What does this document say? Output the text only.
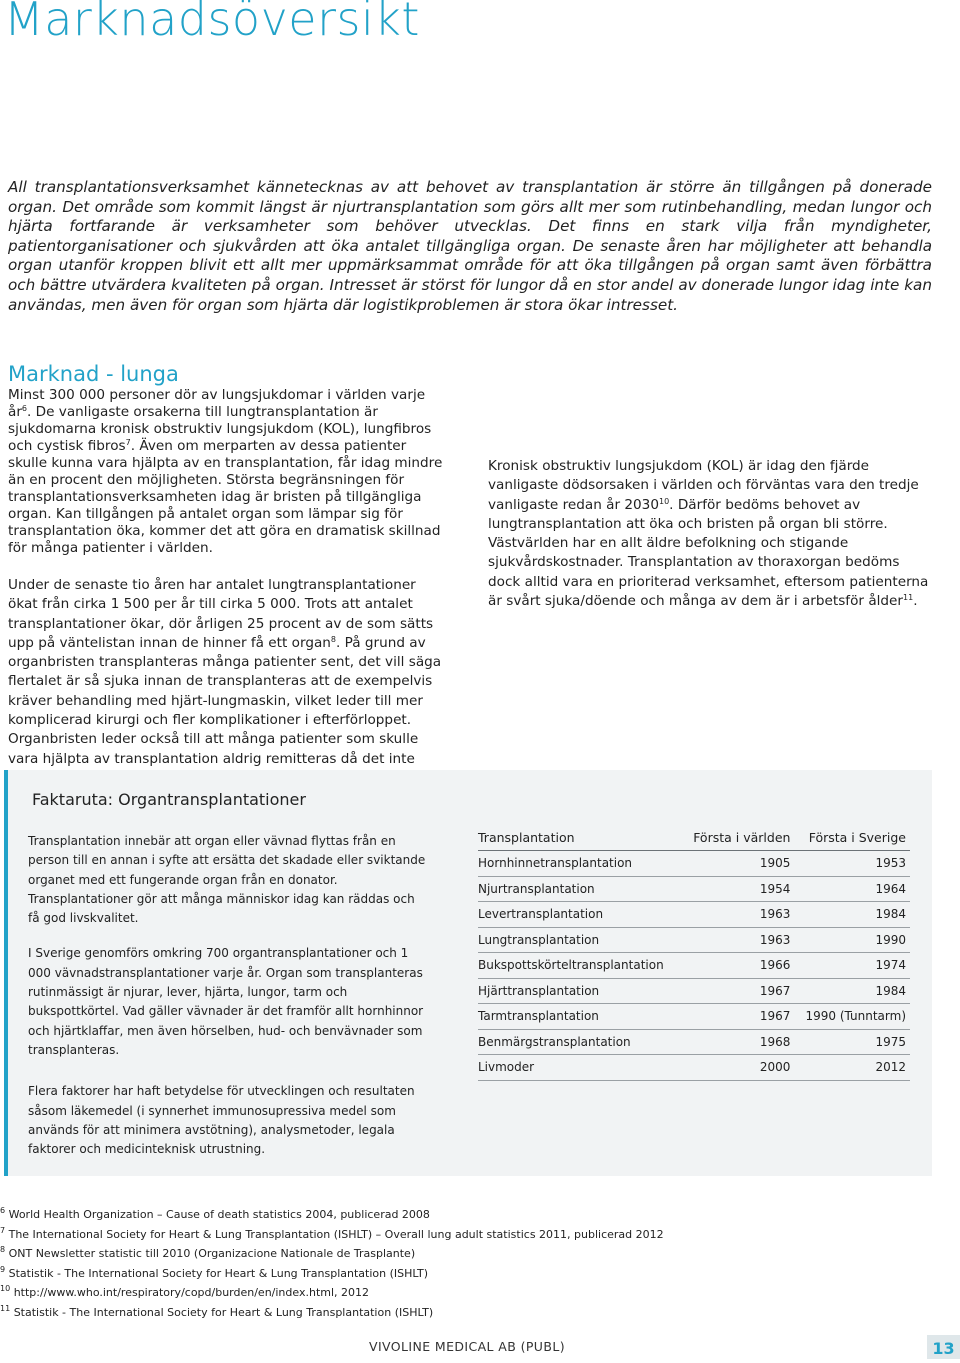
Marknadsöversikt

All transplantationsverksamhet kännetecknas av att behovet av transplantation är större än tillgången på donerade organ. Det område som kommit längst är njurtransplantation som görs allt mer som rutinbehandling, medan lungor och hjärta fortfarande är verksamheter som behöver utvecklas. Det finns en stark vilja från myndigheter, patientorganisationer och sjukvården att öka antalet tillgängliga organ. De senaste åren har möjligheter att behandla organ utanför kroppen blivit ett allt mer uppmärksammat område för att öka tillgången på organ samt även förbättra och bättre utvärdera kvaliteten på organ. Intresset är störst för lungor då en stor andel av donerade lungor idag inte kan användas, men även för organ som hjärta där logistikproblemen är stora ökar intresset.

Marknad - lunga

Minst 300 000 personer dör av lungsjukdomar i världen varje $år^6$. De vanligaste orsakerna till lungtransplantation är sjukdomarna kronisk obstruktiv lungsjukdom (KOL), lungfibros och cystisk fibros$^7$. Även om merparten av dessa patienter skulle kunna vara hjälpta av en transplantation, får idag mindre än en procent den möjligheten. Största begränsningen för transplantationsverksamheten idag är bristen på tillgängliga organ. Kan tillgången på antalet organ som lämpar sig för transplantation öka, kommer det att göra en dramatisk skillnad för många patienter i världen.

Under de senaste tio åren har antalet lungtransplantationer ökat från cirka 1 500 per år till cirka 5 000. Trots att antalet transplantationer ökar, dör årligen 25 procent av de som sätts upp på väntelistan innan de hinner få ett organ$^8$. På grund av organbristen transplanteras många patienter sent, det vill säga flertalet är så sjuka innan de transplanteras att de exempelvis kräver behandling med hjärt-lungmaskin, vilket leder till mer komplicerad kirurgi och fler komplikationer i efterförloppet. Organbristen leder också till att många patienter som skulle vara hjälpta av transplantation aldrig remitteras då det inte

Kronisk obstruktiv lungsjukdom (KOL) är idag den fjärde vanligaste dödsorsaken i världen och förväntas vara den tredje vanligaste redan år 2030$^{10}$. Därför bedöms behovet av lungtransplantation att öka och bristen på organ bli större. Västvärlden har en allt äldre befolkning och stigande sjukvårdskostnader. Transplantation av thoraxorgan bedöms dock alltid vara en prioriterad verksamhet, eftersom patienterna är svårt sjuka/döende och många av dem är i arbetsför ålder$^{11}$.

Faktaruta: Organtransplantationer

Transplantation innebär att organ eller vävnad flyttas från en person till en annan i syfte att ersätta det skadade eller sviktande organet med ett fungerande organ från en donator. Transplantationer gör att många människor idag kan räddas och få god livskvalitet.

I Sverige genomförs omkring 700 organtransplantationer och 1 000 vävnadstransplantationer varje år. Organ som transplanteras rutinmässigt är njurar, lever, hjärta, lungor, tarm och bukspottkörtel. Vad gäller vävnader är det framför allt hornhinnor och hjärtklaffar, men även hörselben, hud- och benvävnader som transplanteras.

Flera faktorer har haft betydelse för utvecklingen och resultaten såsom läkemedel (i synnerhet immunosupressiva medel som används för att minimera avstötning), analysmetoder, legala faktorer och medicinteknisk utrustning.

Transplantation	Första i världen	Första i Sverige
Hornhinnetransplantation	1905	1953
Njurtransplantation	1954	1964
Levertransplantation	1963	1984
Lungtransplantation	1963	1990
Bukspottskörteltransplantation	1966	1974
Hjärttransplantation	1967	1984
Tarmtransplantation	1967	1990 (Tunntarm)
Benmärgstransplantation	1968	1975
Livmoder	2000	2012

$^6$ World Health Organization – Cause of death statistics 2004, publicerad 2008

$^7$ The International Society for Heart & Lung Transplantation (ISHLT) – Overall lung adult statistics 2011, publicerad 2012

$^8$ ONT Newsletter statistic till 2010 (Organizacione Nationale de Trasplante)

$^9$ Statistik - The International Society for Heart & Lung Transplantation (ISHLT)

$^{10}$ http://www.who.int/respiratory/copd/burden/en/index.html, 2012

$^{11}$ Statistik - The International Society for Heart & Lung Transplantation (ISHLT)

VIVOLINE MEDICAL AB (PUBL)	13
